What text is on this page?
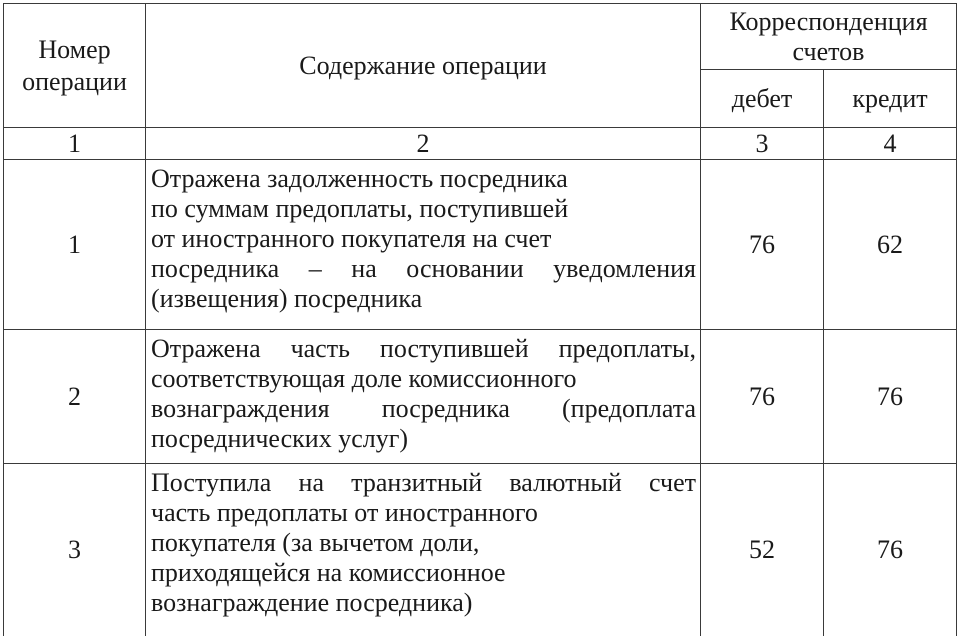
Номер
операции	Содержание операции	Корреспонденция
счетов	

		дебет	кредит
1	2	3	4
1	Отражена задолженность посредника
по суммам предоплаты, поступившей
от иностранного покупателя на счет
посредника – на основании уведомления
(извещения) посредника	76	62
2	Отражена часть поступившей предоплаты,
соответствующая доле комиссионного
вознаграждения посредника (предоплата
посреднических услуг)	76	76
3	Поступила на транзитный валютный счет
часть предоплаты от иностранного
покупателя (за вычетом доли,
приходящейся на комиссионное
вознаграждение посредника)	52	76
